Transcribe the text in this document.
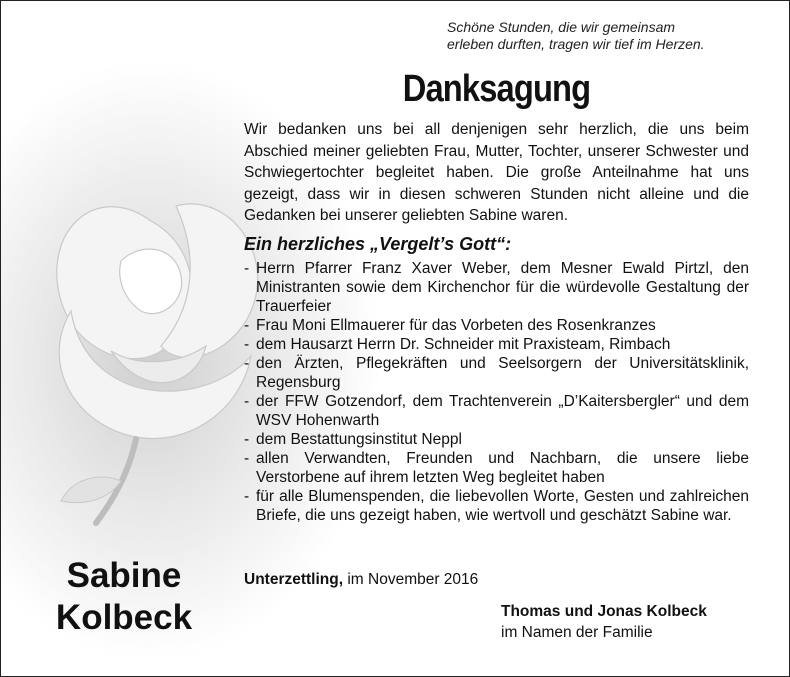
Schöne Stunden, die wir gemeinsam
erleben durften, tragen wir tief im Herzen.
Danksagung
Wir bedanken uns bei all denjenigen sehr herzlich, die uns beim Abschied meiner geliebten Frau, Mutter, Tochter, unserer Schwester und Schwiegertochter begleitet haben. Die große Anteilnahme hat uns gezeigt, dass wir in diesen schweren Stunden nicht alleine und die Gedanken bei unserer geliebten Sabine waren.
Ein herzliches „Vergelt’s Gott“:
- Herrn Pfarrer Franz Xaver Weber, dem Mesner Ewald Pirtzl, den Ministranten sowie dem Kirchenchor für die würdevolle Gestaltung der Trauerfeier
- Frau Moni Ellmauerer für das Vorbeten des Rosenkranzes
- dem Hausarzt Herrn Dr. Schneider mit Praxisteam, Rimbach
- den Ärzten, Pflegekräften und Seelsorgern der Universitätsklinik, Regensburg
- der FFW Gotzendorf, dem Trachtenverein „D’Kaitersbergler“ und dem WSV Hohenwarth
- dem Bestattungsinstitut Neppl
- allen Verwandten, Freunden und Nachbarn, die unsere liebe Verstorbene auf ihrem letzten Weg begleitet haben
- für alle Blumenspenden, die liebevollen Worte, Gesten und zahlreichen Briefe, die uns gezeigt haben, wie wertvoll und geschätzt Sabine war.
Unterzettling, im November 2016
Thomas und Jonas Kolbeck
im Namen der Familie
Sabine
Kolbeck
